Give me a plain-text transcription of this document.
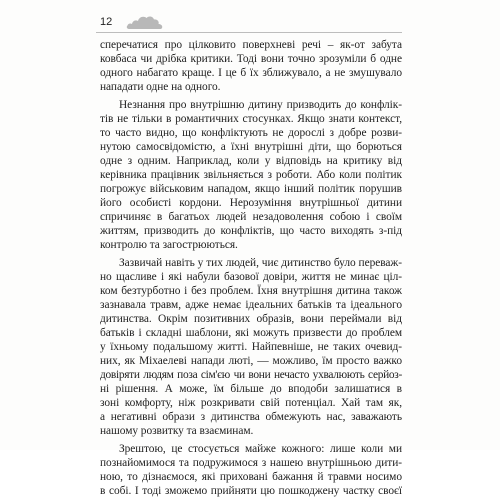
12
сперечатися про цілковито поверхневі речі – як-от забута
ковбаса чи дрібка критики. Тоді вони точно зрозуміли б одне
одного набагато краще. І це б їх зближувало, а не змушувало
нападати одне на одного.
Незнання про внутрішню дитину призводить до конфлік-
тів не тільки в романтичних стосунках. Якщо знати контекст,
то часто видно, що конфліктують не дорослі з добре розви-
нутою самосвідомістю, а їхні внутрішні діти, що борються
одне з одним. Наприклад, коли у відповідь на критику від
керівника працівник звільняється з роботи. Або коли політик
погрожує військовим нападом, якщо інший політик порушив
його особисті кордони. Нерозуміння внутрішньої дитини
спричиняє в багатьох людей незадоволення собою і своїм
життям, призводить до конфліктів, що часто виходять з-під
контролю та загострюються.
Зазвичай навіть у тих людей, чиє дитинство було переваж-
но щасливе і які набули базової довіри, життя не минає ціл-
ком безтурботно і без проблем. Їхня внутрішня дитина також
зазнавала травм, адже немає ідеальних батьків та ідеального
дитинства. Окрім позитивних образів, вони переймали від
батьків і складні шаблони, які можуть призвести до проблем
у їхньому подальшому житті. Найпевніше, не таких очевид-
них, як Міхаелеві напади люті, — можливо, їм просто важко
довіряти людям поза сім'єю чи вони нечасто ухвалюють серйоз-
ні рішення. А може, їм більше до вподоби залишатися в
зоні комфорту, ніж розкривати свій потенціал. Хай там як,
а негативні образи з дитинства обмежують нас, заважають
нашому розвитку та взаєминам.
Зрештою, це стосується майже кожного: лише коли ми
познайомимося та подружимося з нашею внутрішньою дити-
ною, то дізнаємося, які приховані бажання й травми носимо
в собі. І тоді зможемо прийняти цю пошкоджену частку своєї
